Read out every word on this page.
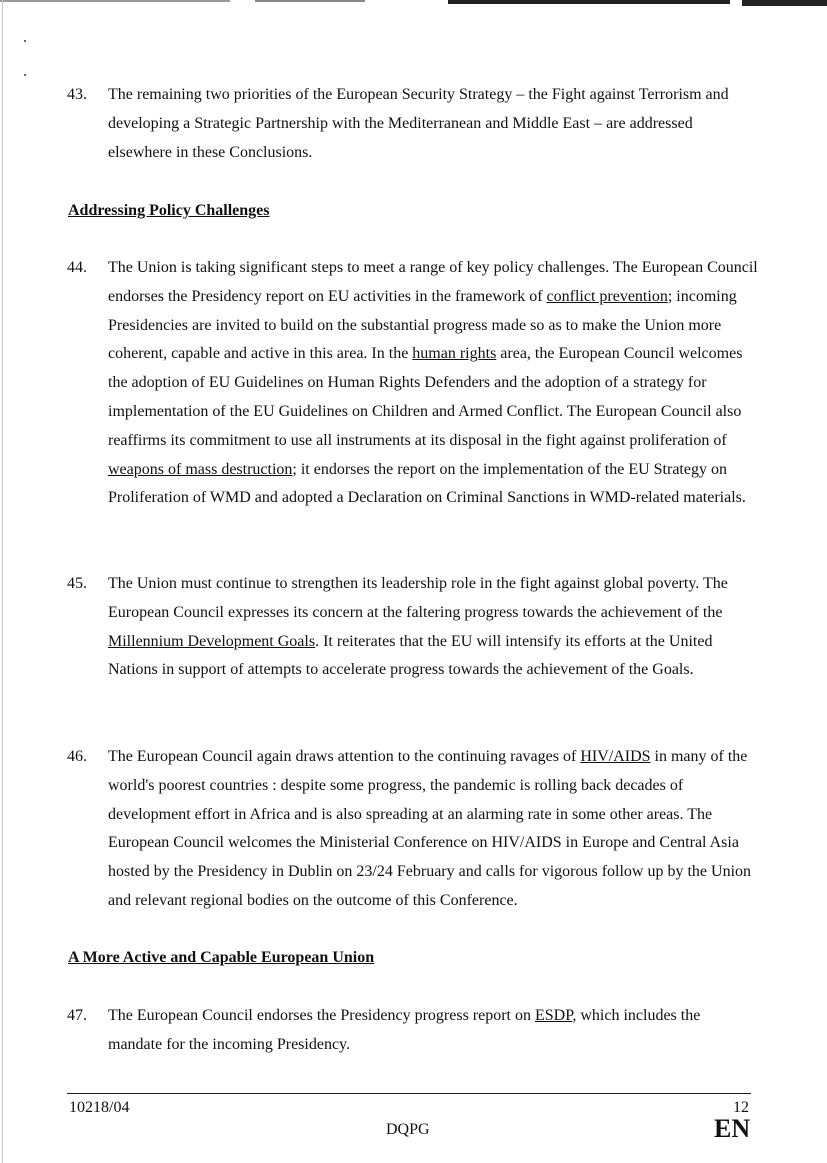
43. The remaining two priorities of the European Security Strategy – the Fight against Terrorism and developing a Strategic Partnership with the Mediterranean and Middle East – are addressed elsewhere in these Conclusions.
Addressing Policy Challenges
44. The Union is taking significant steps to meet a range of key policy challenges. The European Council endorses the Presidency report on EU activities in the framework of conflict prevention; incoming Presidencies are invited to build on the substantial progress made so as to make the Union more coherent, capable and active in this area. In the human rights area, the European Council welcomes the adoption of EU Guidelines on Human Rights Defenders and the adoption of a strategy for implementation of the EU Guidelines on Children and Armed Conflict. The European Council also reaffirms its commitment to use all instruments at its disposal in the fight against proliferation of weapons of mass destruction; it endorses the report on the implementation of the EU Strategy on Proliferation of WMD and adopted a Declaration on Criminal Sanctions in WMD-related materials.
45. The Union must continue to strengthen its leadership role in the fight against global poverty. The European Council expresses its concern at the faltering progress towards the achievement of the Millennium Development Goals. It reiterates that the EU will intensify its efforts at the United Nations in support of attempts to accelerate progress towards the achievement of the Goals.
46. The European Council again draws attention to the continuing ravages of HIV/AIDS in many of the world's poorest countries : despite some progress, the pandemic is rolling back decades of development effort in Africa and is also spreading at an alarming rate in some other areas. The European Council welcomes the Ministerial Conference on HIV/AIDS in Europe and Central Asia hosted by the Presidency in Dublin on 23/24 February and calls for vigorous follow up by the Union and relevant regional bodies on the outcome of this Conference.
A More Active and Capable European Union
47. The European Council endorses the Presidency progress report on ESDP, which includes the mandate for the incoming Presidency.
10218/04
DQPG
12
EN
